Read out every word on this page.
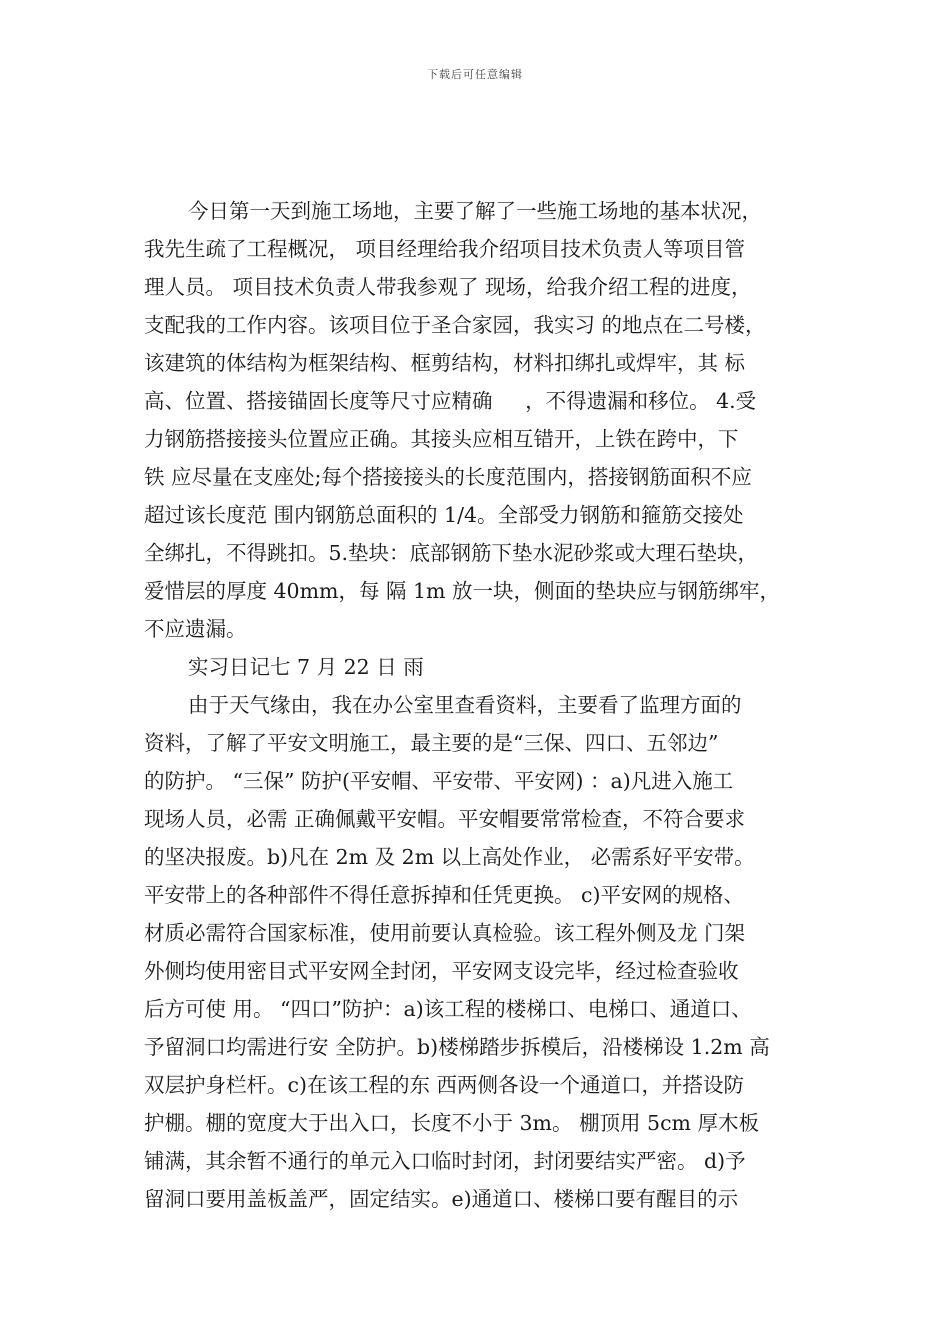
下载后可任意编辑
今日第一天到施工场地，主要了解了一些施工场地的基本状况，
我先生疏了工程概况， 项目经理给我介绍项目技术负责人等项目管
理人员。 项目技术负责人带我参观了 现场，给我介绍工程的进度，
支配我的工作内容。该项目位于圣合家园，我实习 的地点在二号楼，
该建筑的体结构为框架结构、框剪结构，材料扣绑扎或焊牢，其 标
高、位置、搭接锚固长度等尺寸应精确     ，不得遗漏和移位。 4.受
力钢筋搭接接头位置应正确。其接头应相互错开，上铁在跨中，下
铁 应尽量在支座处;每个搭接接头的长度范围内，搭接钢筋面积不应
超过该长度范 围内钢筋总面积的 1/4。全部受力钢筋和箍筋交接处
全绑扎，不得跳扣。5.垫块：底部钢筋下垫水泥砂浆或大理石垫块，
爱惜层的厚度 40mm，每 隔 1m 放一块，侧面的垫块应与钢筋绑牢，
不应遗漏。
实习日记七 7 月 22 日 雨
由于天气缘由，我在办公室里查看资料，主要看了监理方面的
资料，了解了平安文明施工，最主要的是“三保、四口、五邻边”
的防护。 “三保” 防护(平安帽、平安带、平安网) ：a)凡进入施工
现场人员，必需 正确佩戴平安帽。平安帽要常常检查，不符合要求
的坚决报废。b)凡在 2m 及 2m 以上高处作业， 必需系好平安带。
平安带上的各种部件不得任意拆掉和任凭更换。 c)平安网的规格、
材质必需符合国家标准，使用前要认真检验。该工程外侧及龙 门架
外侧均使用密目式平安网全封闭，平安网支设完毕，经过检查验收
后方可使 用。 “四口”防护：a)该工程的楼梯口、电梯口、通道口、
予留洞口均需进行安 全防护。b)楼梯踏步拆模后，沿楼梯设 1.2m 高
双层护身栏杆。c)在该工程的东 西两侧各设一个通道口，并搭设防
护棚。棚的宽度大于出入口，长度不小于 3m。 棚顶用 5cm 厚木板
铺满，其余暂不通行的单元入口临时封闭，封闭要结实严密。 d)予
留洞口要用盖板盖严，固定结实。e)通道口、楼梯口要有醒目的示
